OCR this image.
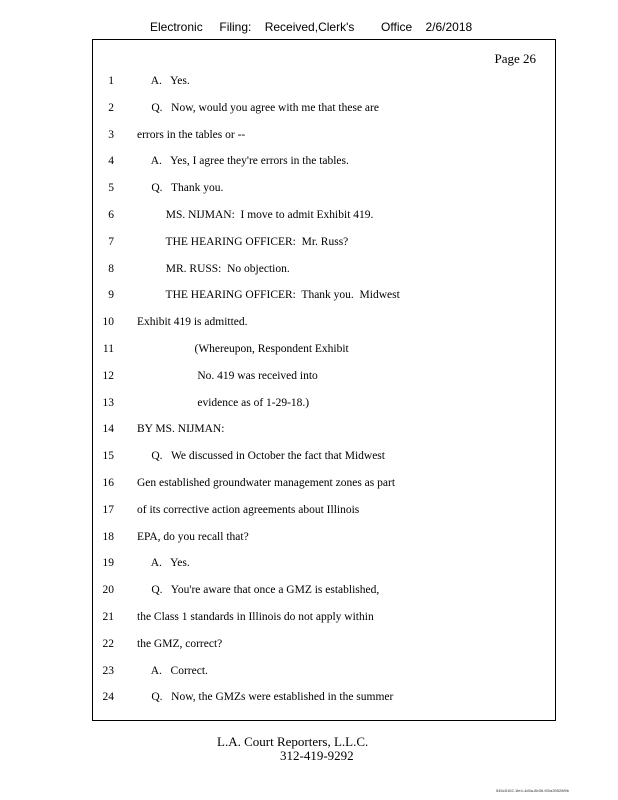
Electronic     Filing:    Received,Clerk's        Office    2/6/2018
Page 26
1 A.   Yes.
2 Q.   Now, would you agree with me that these are
3 errors in the tables or --
4 A.   Yes, I agree they're errors in the tables.
5 Q.   Thank you.
6 MS. NIJMAN:  I move to admit Exhibit 419.
7 THE HEARING OFFICER:  Mr. Russ?
8 MR. RUSS:  No objection.
9 THE HEARING OFFICER:  Thank you.  Midwest
10 Exhibit 419 is admitted.
11 (Whereupon, Respondent Exhibit
12 No. 419 was received into
13 evidence as of 1-29-18.)
14 BY MS. NIJMAN:
15 Q.   We discussed in October the fact that Midwest
16 Gen established groundwater management zones as part
17 of its corrective action agreements about Illinois
18 EPA, do you recall that?
19 A.   Yes.
20 Q.   You're aware that once a GMZ is established,
21 the Class 1 standards in Illinois do not apply within
22 the GMZ, correct?
23 A.   Correct.
24 Q.   Now, the GMZs were established in the summer
L.A. Court Reporters, L.L.C.
312-419-9292
546c5102-1fe4-4d5a-8b36-f00a39528f9b
